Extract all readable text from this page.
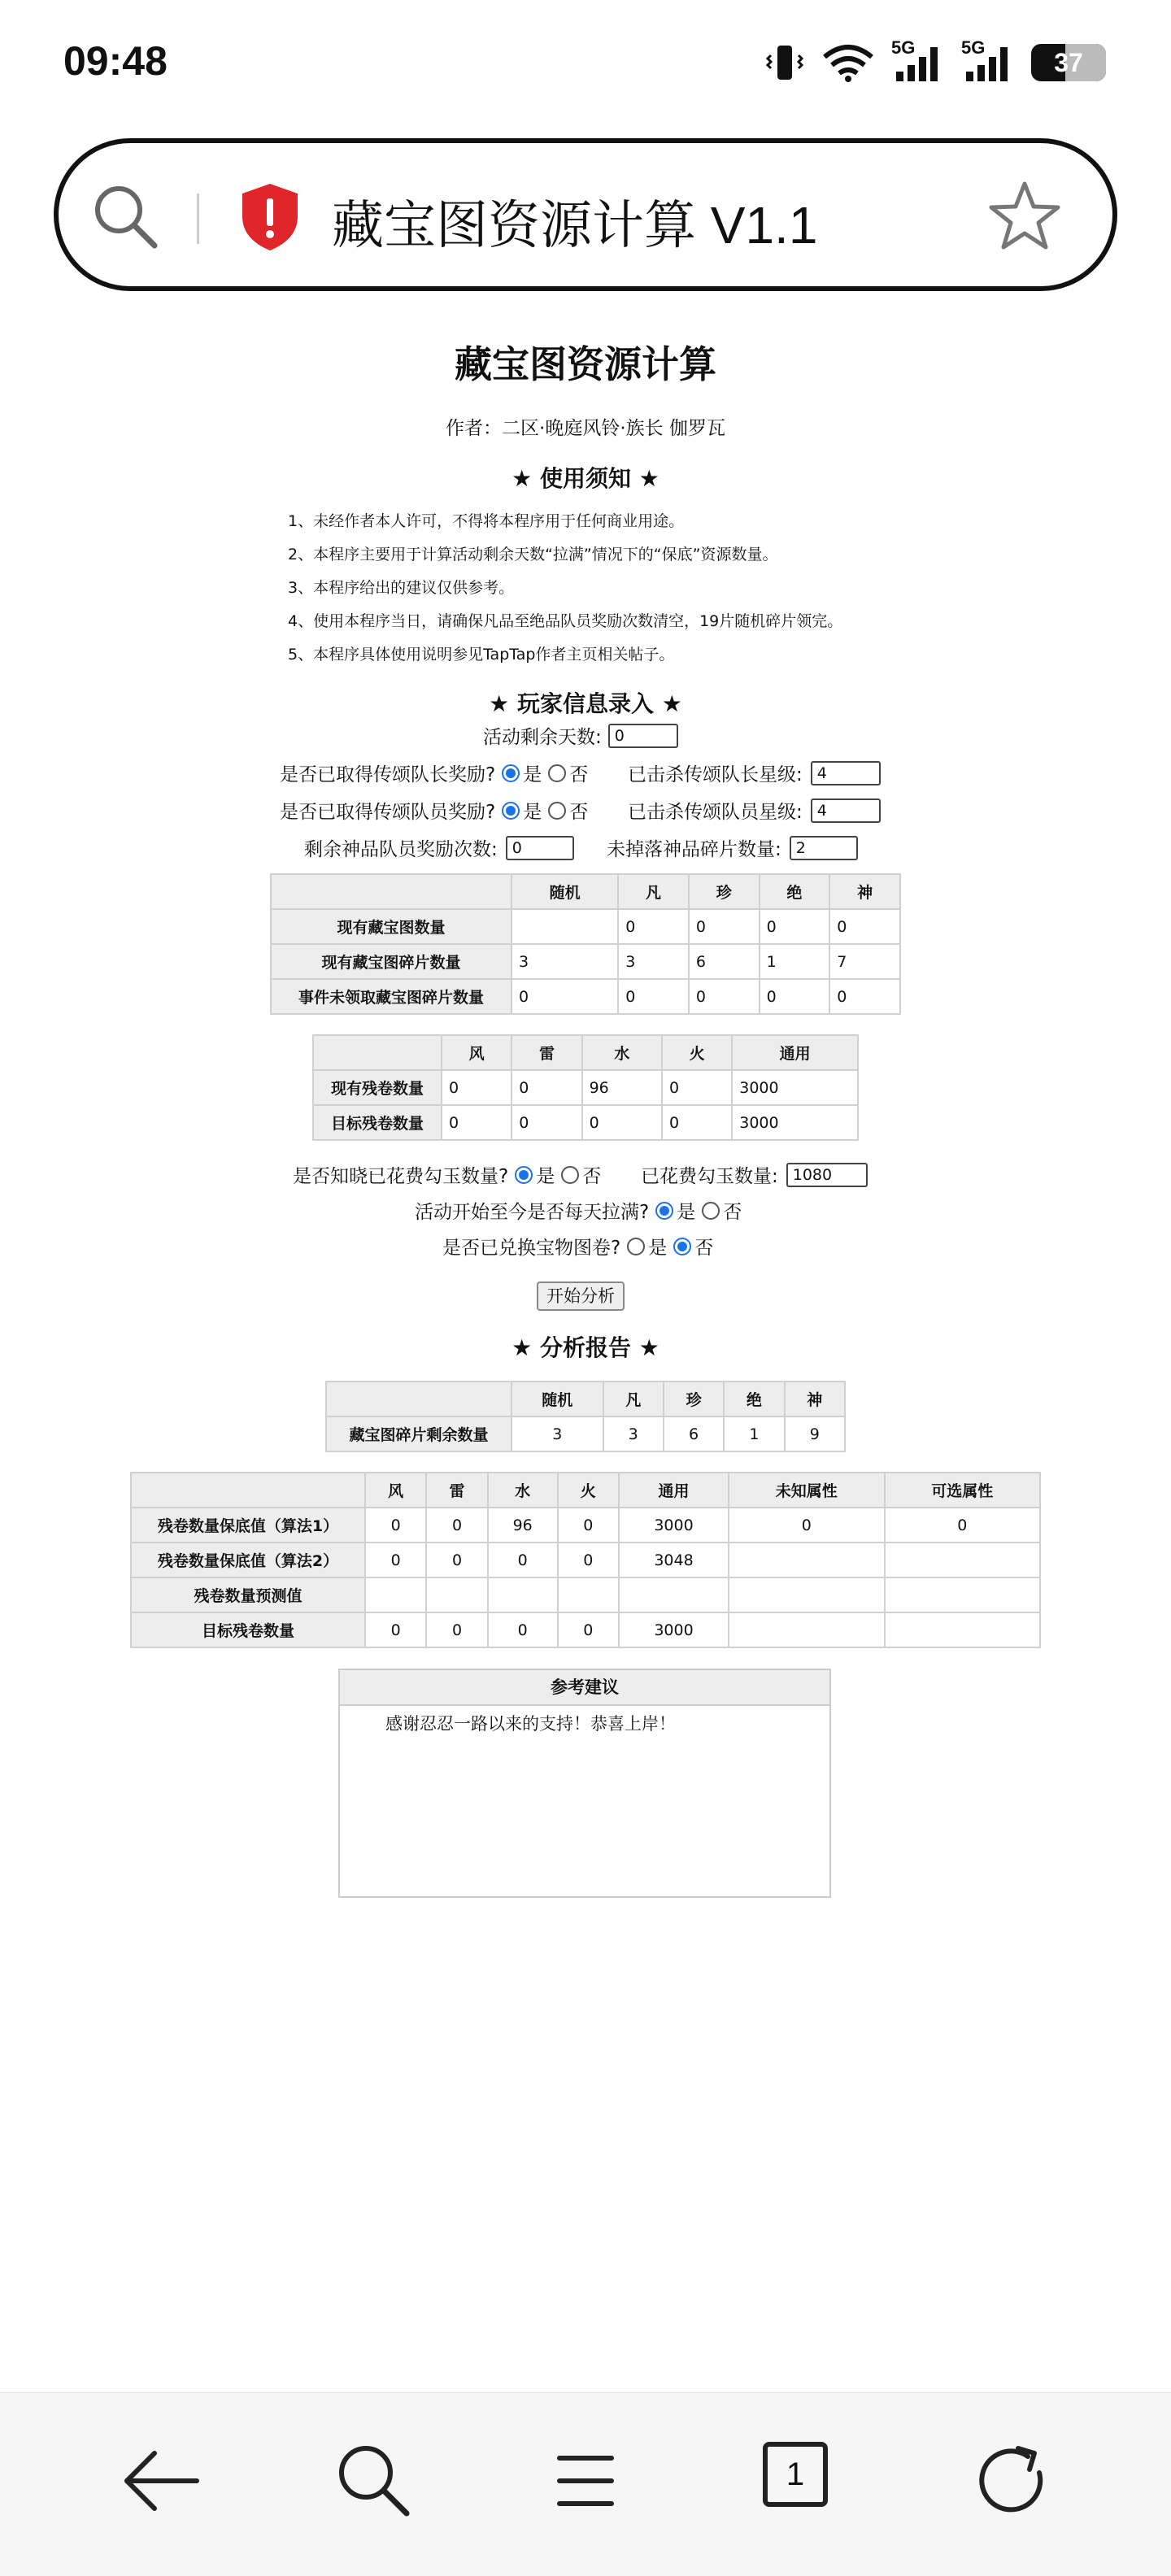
09:48	5G	5G
37
藏宝图资源计算 V1.1
藏宝图资源计算
作者：二区·晚庭风铃·族长 伽罗瓦
★ 使用须知 ★
1、未经作者本人许可，不得将本程序用于任何商业用途。
2、本程序主要用于计算活动剩余天数“拉满”情况下的“保底”资源数量。
3、本程序给出的建议仅供参考。
4、使用本程序当日，请确保凡品至绝品队员奖励次数清空，19片随机碎片领完。
5、本程序具体使用说明参见TapTap作者主页相关帖子。
★ 玩家信息录入 ★
活动剩余天数: 0
是否已取得传颂队长奖励? 是 否 已击杀传颂队长星级: 4
是否已取得传颂队员奖励? 是 否 已击杀传颂队员星级: 4
剩余神品队员奖励次数: 0	未掉落神品碎片数量: 2
	随机	凡	珍	绝	神
现有藏宝图数量		0	0	0	0
现有藏宝图碎片数量	3	3	6	1	7
事件未领取藏宝图碎片数量	0	0	0	0	0
	风	雷	水	火	通用
现有残卷数量	0	0	96	0	3000
目标残卷数量	0	0	0	0	3000
是否知晓已花费勾玉数量? 是 否 已花费勾玉数量: 1080
活动开始至今是否每天拉满? 是 否
是否已兑换宝物图卷? 是 否
开始分析
★ 分析报告 ★
	随机	凡	珍	绝	神
藏宝图碎片剩余数量	3	3	6	1	9
	风	雷	水	火	通用	未知属性	可选属性
残卷数量保底值（算法1）	0	0	96	0	3000	0	0
残卷数量保底值（算法2）	0	0	0	0	3048		
残卷数量预测值							
目标残卷数量	0	0	0	0	3000		
参考建议
感谢忍忍一路以来的支持！恭喜上岸！
1
